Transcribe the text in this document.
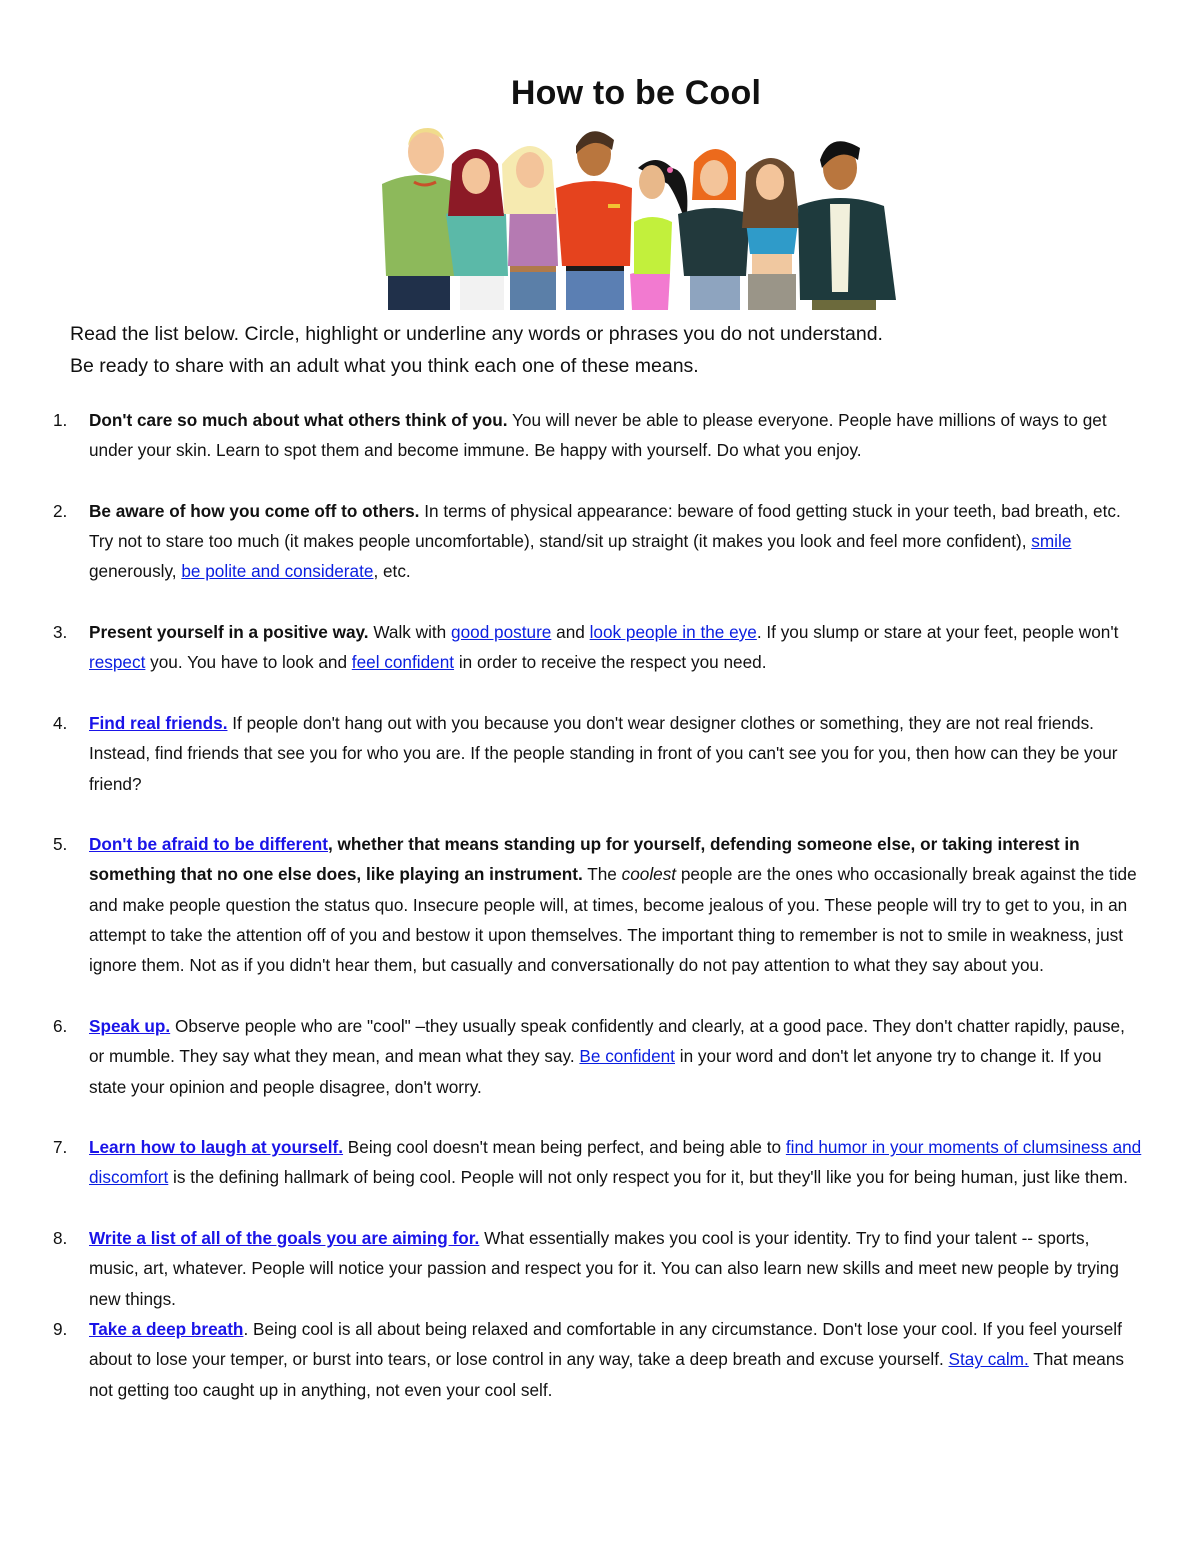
How to be Cool

Read the list below. Circle, highlight or underline any words or phrases you do not understand.

Be ready to share with an adult what you think each one of these means.

1. Don't care so much about what others think of you. You will never be able to please everyone. People have millions of ways to get under your skin. Learn to spot them and become immune. Be happy with yourself. Do what you enjoy.
2. Be aware of how you come off to others. In terms of physical appearance: beware of food getting stuck in your teeth, bad breath, etc. Try not to stare too much (it makes people uncomfortable), stand/sit up straight (it makes you look and feel more confident), smile generously, be polite and considerate, etc.
3. Present yourself in a positive way. Walk with good posture and look people in the eye. If you slump or stare at your feet, people won't respect you. You have to look and feel confident in order to receive the respect you need.
4. Find real friends. If people don't hang out with you because you don't wear designer clothes or something, they are not real friends. Instead, find friends that see you for who you are. If the people standing in front of you can't see you for you, then how can they be your friend?
5. Don't be afraid to be different, whether that means standing up for yourself, defending someone else, or taking interest in something that no one else does, like playing an instrument. The coolest people are the ones who occasionally break against the tide and make people question the status quo. Insecure people will, at times, become jealous of you. These people will try to get to you, in an attempt to take the attention off of you and bestow it upon themselves. The important thing to remember is not to smile in weakness, just ignore them. Not as if you didn't hear them, but casually and conversationally do not pay attention to what they say about you.
6. Speak up. Observe people who are "cool" –they usually speak confidently and clearly, at a good pace. They don't chatter rapidly, pause, or mumble. They say what they mean, and mean what they say. Be confident in your word and don't let anyone try to change it. If you state your opinion and people disagree, don't worry.
7. Learn how to laugh at yourself. Being cool doesn't mean being perfect, and being able to find humor in your moments of clumsiness and discomfort is the defining hallmark of being cool. People will not only respect you for it, but they'll like you for being human, just like them.
8. Write a list of all of the goals you are aiming for. What essentially makes you cool is your identity. Try to find your talent -- sports, music, art, whatever. People will notice your passion and respect you for it. You can also learn new skills and meet new people by trying new things.
9. Take a deep breath. Being cool is all about being relaxed and comfortable in any circumstance. Don't lose your cool. If you feel yourself about to lose your temper, or burst into tears, or lose control in any way, take a deep breath and excuse yourself. Stay calm. That means not getting too caught up in anything, not even your cool self.
